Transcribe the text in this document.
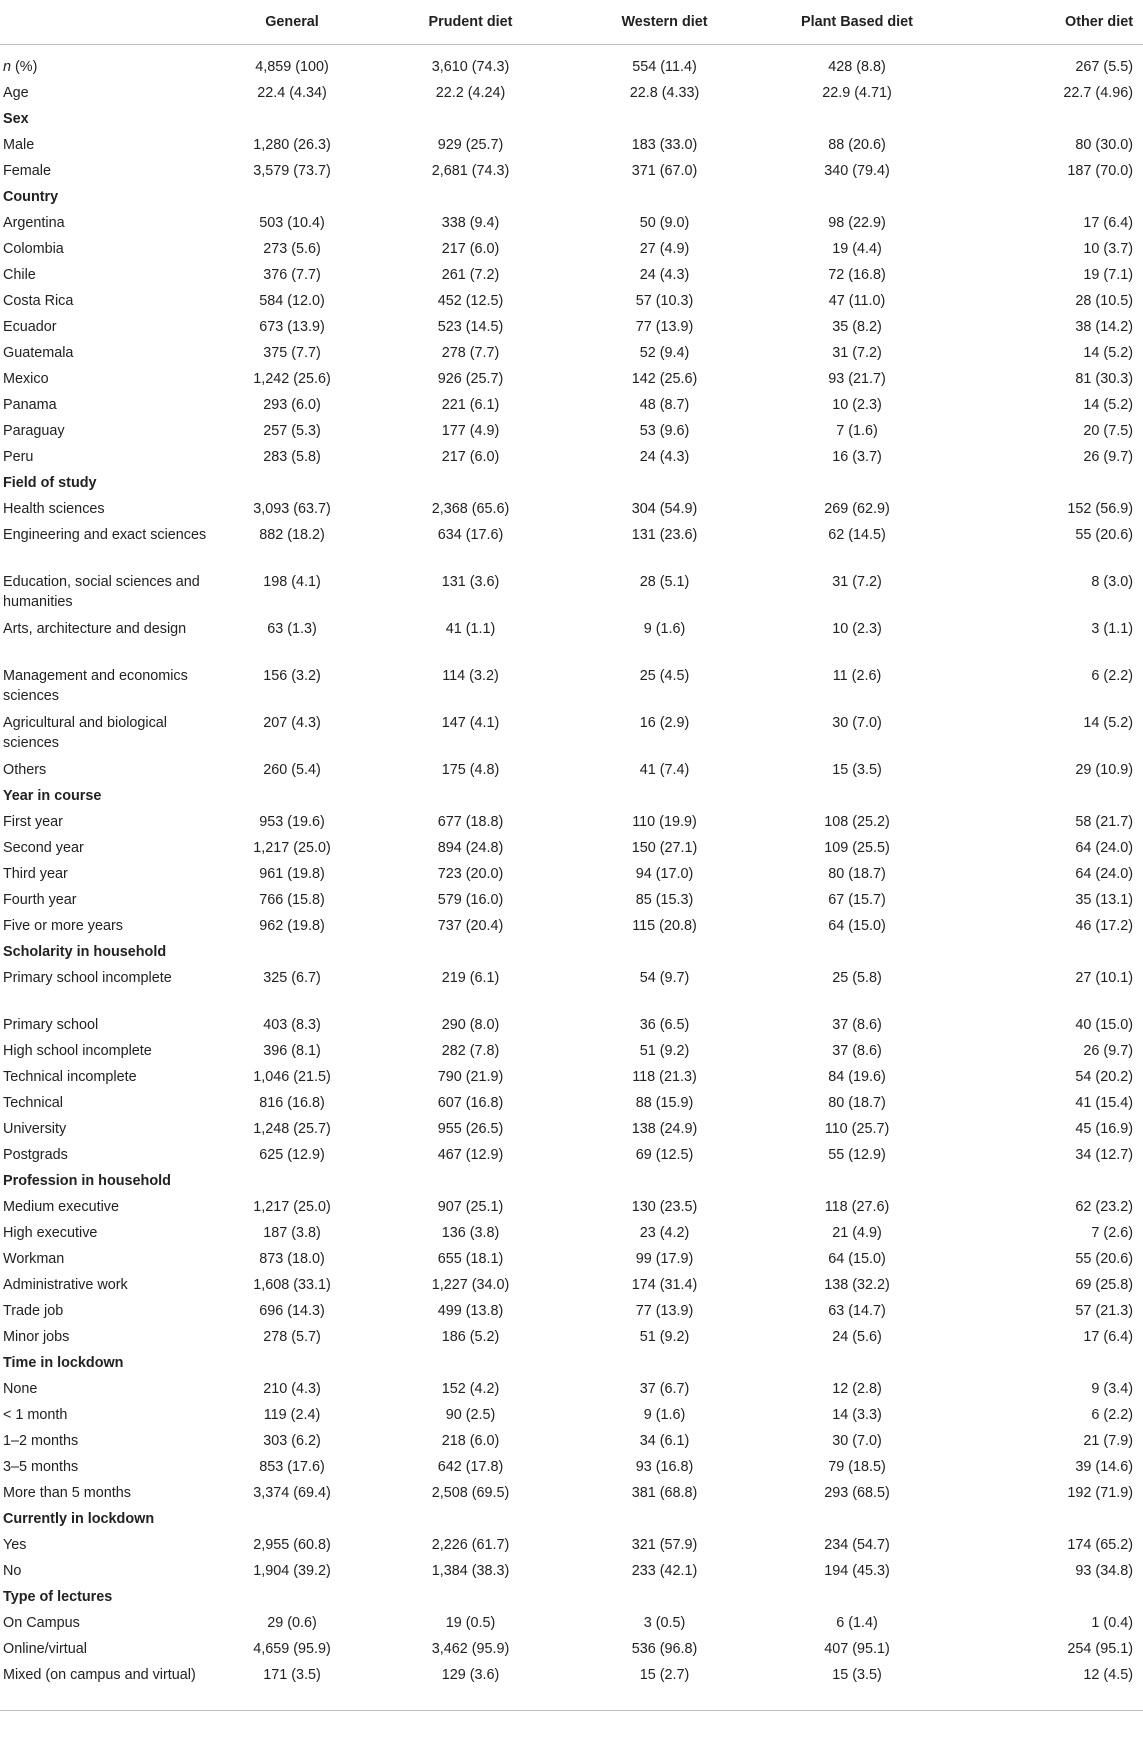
	General	Prudent diet	Western diet	Plant Based diet	Other diet

n (%)	4,859 (100)	3,610 (74.3)	554 (11.4)	428 (8.8)	267 (5.5)
Age	22.4 (4.34)	22.2 (4.24)	22.8 (4.33)	22.9 (4.71)	22.7 (4.96)
Sex					
Male	1,280 (26.3)	929 (25.7)	183 (33.0)	88 (20.6)	80 (30.0)
Female	3,579 (73.7)	2,681 (74.3)	371 (67.0)	340 (79.4)	187 (70.0)
Country					
Argentina	503 (10.4)	338 (9.4)	50 (9.0)	98 (22.9)	17 (6.4)
Colombia	273 (5.6)	217 (6.0)	27 (4.9)	19 (4.4)	10 (3.7)
Chile	376 (7.7)	261 (7.2)	24 (4.3)	72 (16.8)	19 (7.1)
Costa Rica	584 (12.0)	452 (12.5)	57 (10.3)	47 (11.0)	28 (10.5)
Ecuador	673 (13.9)	523 (14.5)	77 (13.9)	35 (8.2)	38 (14.2)
Guatemala	375 (7.7)	278 (7.7)	52 (9.4)	31 (7.2)	14 (5.2)
Mexico	1,242 (25.6)	926 (25.7)	142 (25.6)	93 (21.7)	81 (30.3)
Panama	293 (6.0)	221 (6.1)	48 (8.7)	10 (2.3)	14 (5.2)
Paraguay	257 (5.3)	177 (4.9)	53 (9.6)	7 (1.6)	20 (7.5)
Peru	283 (5.8)	217 (6.0)	24 (4.3)	16 (3.7)	26 (9.7)
Field of study					
Health sciences	3,093 (63.7)	2,368 (65.6)	304 (54.9)	269 (62.9)	152 (56.9)
Engineering and exact sciences	882 (18.2)	634 (17.6)	131 (23.6)	62 (14.5)	55 (20.6)
Education, social sciences and humanities	198 (4.1)	131 (3.6)	28 (5.1)	31 (7.2)	8 (3.0)
Arts, architecture and design	63 (1.3)	41 (1.1)	9 (1.6)	10 (2.3)	3 (1.1)
Management and economics sciences	156 (3.2)	114 (3.2)	25 (4.5)	11 (2.6)	6 (2.2)
Agricultural and biological sciences	207 (4.3)	147 (4.1)	16 (2.9)	30 (7.0)	14 (5.2)
Others	260 (5.4)	175 (4.8)	41 (7.4)	15 (3.5)	29 (10.9)
Year in course					
First year	953 (19.6)	677 (18.8)	110 (19.9)	108 (25.2)	58 (21.7)
Second year	1,217 (25.0)	894 (24.8)	150 (27.1)	109 (25.5)	64 (24.0)
Third year	961 (19.8)	723 (20.0)	94 (17.0)	80 (18.7)	64 (24.0)
Fourth year	766 (15.8)	579 (16.0)	85 (15.3)	67 (15.7)	35 (13.1)
Five or more years	962 (19.8)	737 (20.4)	115 (20.8)	64 (15.0)	46 (17.2)
Scholarity in household					
Primary school incomplete	325 (6.7)	219 (6.1)	54 (9.7)	25 (5.8)	27 (10.1)
Primary school	403 (8.3)	290 (8.0)	36 (6.5)	37 (8.6)	40 (15.0)
High school incomplete	396 (8.1)	282 (7.8)	51 (9.2)	37 (8.6)	26 (9.7)
Technical incomplete	1,046 (21.5)	790 (21.9)	118 (21.3)	84 (19.6)	54 (20.2)
Technical	816 (16.8)	607 (16.8)	88 (15.9)	80 (18.7)	41 (15.4)
University	1,248 (25.7)	955 (26.5)	138 (24.9)	110 (25.7)	45 (16.9)
Postgrads	625 (12.9)	467 (12.9)	69 (12.5)	55 (12.9)	34 (12.7)
Profession in household					
Medium executive	1,217 (25.0)	907 (25.1)	130 (23.5)	118 (27.6)	62 (23.2)
High executive	187 (3.8)	136 (3.8)	23 (4.2)	21 (4.9)	7 (2.6)
Workman	873 (18.0)	655 (18.1)	99 (17.9)	64 (15.0)	55 (20.6)
Administrative work	1,608 (33.1)	1,227 (34.0)	174 (31.4)	138 (32.2)	69 (25.8)
Trade job	696 (14.3)	499 (13.8)	77 (13.9)	63 (14.7)	57 (21.3)
Minor jobs	278 (5.7)	186 (5.2)	51 (9.2)	24 (5.6)	17 (6.4)
Time in lockdown					
None	210 (4.3)	152 (4.2)	37 (6.7)	12 (2.8)	9 (3.4)
< 1 month	119 (2.4)	90 (2.5)	9 (1.6)	14 (3.3)	6 (2.2)
1–2 months	303 (6.2)	218 (6.0)	34 (6.1)	30 (7.0)	21 (7.9)
3–5 months	853 (17.6)	642 (17.8)	93 (16.8)	79 (18.5)	39 (14.6)
More than 5 months	3,374 (69.4)	2,508 (69.5)	381 (68.8)	293 (68.5)	192 (71.9)
Currently in lockdown					
Yes	2,955 (60.8)	2,226 (61.7)	321 (57.9)	234 (54.7)	174 (65.2)
No	1,904 (39.2)	1,384 (38.3)	233 (42.1)	194 (45.3)	93 (34.8)
Type of lectures					
On Campus	29 (0.6)	19 (0.5)	3 (0.5)	6 (1.4)	1 (0.4)
Online/virtual	4,659 (95.9)	3,462 (95.9)	536 (96.8)	407 (95.1)	254 (95.1)
Mixed (on campus and virtual)	171 (3.5)	129 (3.6)	15 (2.7)	15 (3.5)	12 (4.5)
